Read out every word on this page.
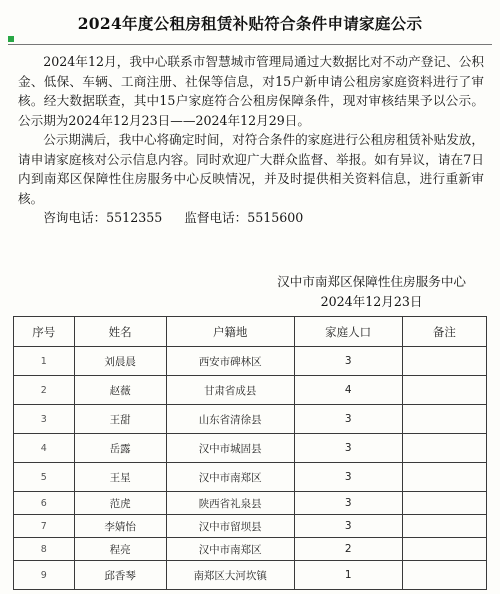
2024年度公租房租赁补贴符合条件申请家庭公示

2024年12月，我中心联系市智慧城市管理局通过大数据比对不动产登记、公积金、低保、车辆、工商注册、社保等信息，对15户新申请公租房家庭资料进行了审核。经大数据联查，其中15户家庭符合公租房保障条件，现对审核结果予以公示。公示期为2024年12月23日——2024年12月29日。

公示期满后，我中心将确定时间，对符合条件的家庭进行公租房租赁补贴发放，请申请家庭核对公示信息内容。同时欢迎广大群众监督、举报。如有异议，请在7日内到南郑区保障性住房服务中心反映情况，并及时提供相关资料信息，进行重新审核。

咨询电话：5512355 监督电话：5515600

汉中市南郑区保障性住房服务中心
2024年12月23日
序号	姓名	户籍地	家庭人口	备注
1	刘晨晨	西安市碑林区	3	
2	赵薇	甘肃省成县	4	
3	王甜	山东省清徐县	3	
4	岳露	汉中市城固县	3	
5	王星	汉中市南郑区	3	
6	范虎	陕西省礼泉县	3	
7	李婧怡	汉中市留坝县	3	
8	程亮	汉中市南郑区	2	
9	邱香琴	南郑区大河坎镇	1	
